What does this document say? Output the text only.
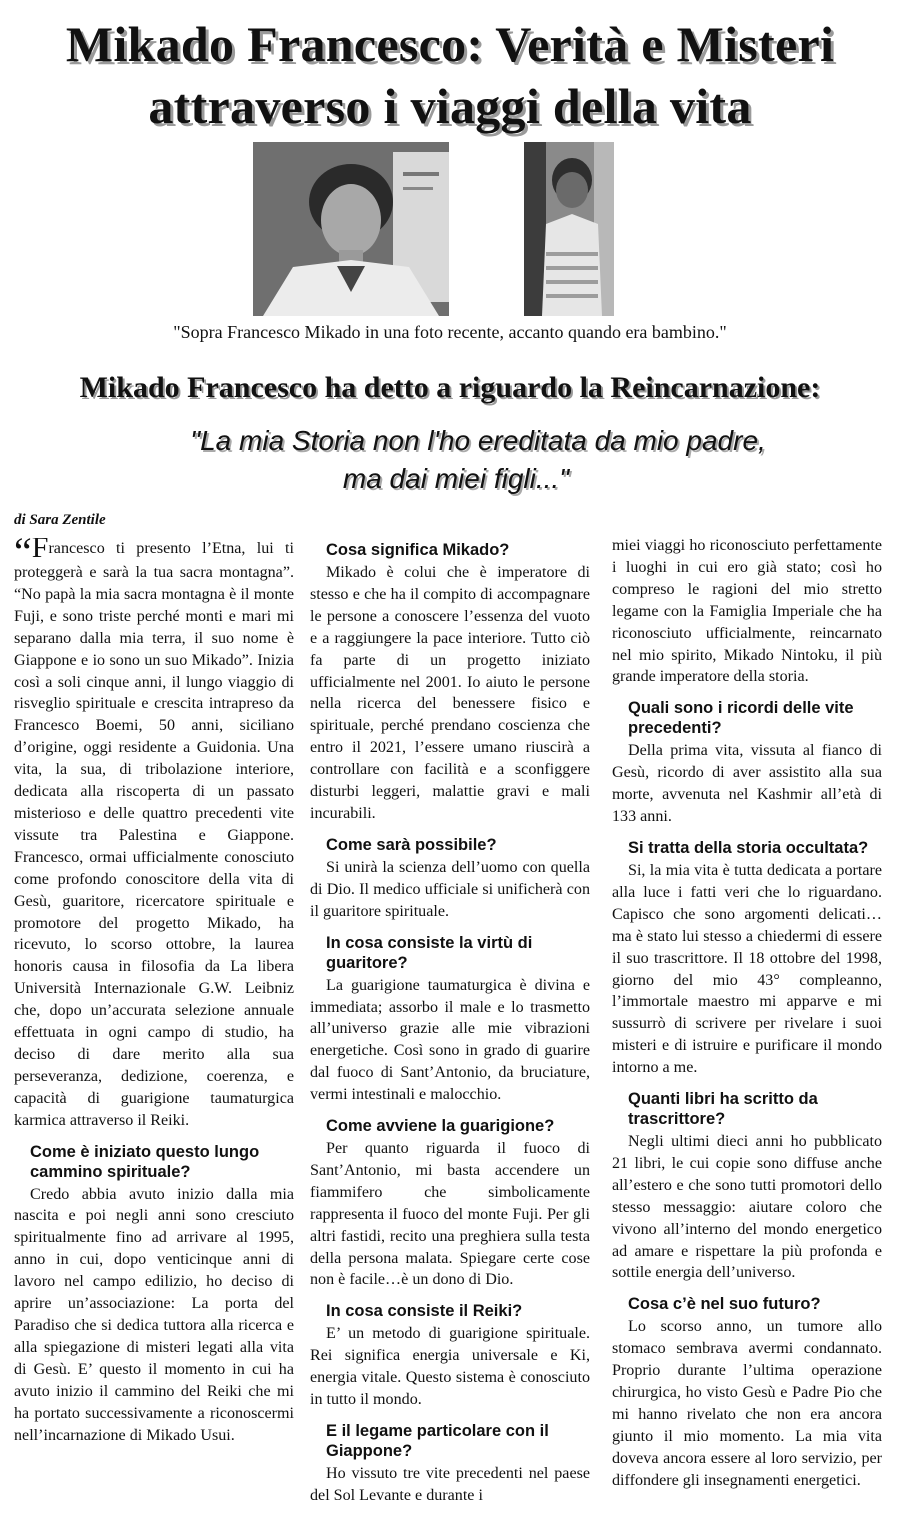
Mikado Francesco: Verità e Misteri
attraverso i viaggi della vita
"Sopra Francesco Mikado in una foto recente, accanto quando era bambino."
Mikado Francesco ha detto a riguardo la Reincarnazione:
"La mia Storia non l'ho ereditata da mio padre,
ma dai miei figli..."
di Sara Zentile

“Francesco ti presento l’Etna, lui ti proteggerà e sarà la tua sacra montagna”. “No papà la mia sacra montagna è il monte Fuji, e sono triste perché monti e mari mi separano dalla mia terra, il suo nome è Giappone e io sono un suo Mikado”. Inizia così a soli cinque anni, il lungo viaggio di risveglio spirituale e crescita intrapreso da Francesco Boemi, 50 anni, siciliano d’origine, oggi residente a Guidonia. Una vita, la sua, di tribolazione interiore, dedicata alla riscoperta di un passato misterioso e delle quattro precedenti vite vissute tra Palestina e Giappone. Francesco, ormai ufficialmente conosciuto come profondo conoscitore della vita di Gesù, guaritore, ricercatore spirituale e promotore del progetto Mikado, ha ricevuto, lo scorso ottobre, la laurea honoris causa in filosofia da La libera Università Internazionale G.W. Leibniz che, dopo un’accurata selezione annuale effettuata in ogni campo di studio, ha deciso di dare merito alla sua perseveranza, dedizione, coerenza, e capacità di guarigione taumaturgica karmica attraverso il Reiki.

Come è iniziato questo lungo cammino spirituale?

Credo abbia avuto inizio dalla mia nascita e poi negli anni sono cresciuto spiritualmente fino ad arrivare al 1995, anno in cui, dopo venticinque anni di lavoro nel campo edilizio, ho deciso di aprire un’associazione: La porta del Paradiso che si dedica tuttora alla ricerca e alla spiegazione di misteri legati alla vita di Gesù. E’ questo il momento in cui ha avuto inizio il cammino del Reiki che mi ha portato successivamente a riconoscermi nell’incarnazione di Mikado Usui.

Cosa significa Mikado?

Mikado è colui che è imperatore di stesso e che ha il compito di accompagnare le persone a conoscere l’essenza del vuoto e a raggiungere la pace interiore. Tutto ciò fa parte di un progetto iniziato ufficialmente nel 2001. Io aiuto le persone nella ricerca del benessere fisico e spirituale, perché prendano coscienza che entro il 2021, l’essere umano riuscirà a controllare con facilità e a sconfiggere disturbi leggeri, malattie gravi e mali incurabili.

Come sarà possibile?

Si unirà la scienza dell’uomo con quella di Dio. Il medico ufficiale si unificherà con il guaritore spirituale.

In cosa consiste la virtù di guaritore?

La guarigione taumaturgica è divina e immediata; assorbo il male e lo trasmetto all’universo grazie alle mie vibrazioni energetiche. Così sono in grado di guarire dal fuoco di Sant’Antonio, da bruciature, vermi intestinali e malocchio.

Come avviene la guarigione?

Per quanto riguarda il fuoco di Sant’Antonio, mi basta accendere un fiammifero che simbolicamente rappresenta il fuoco del monte Fuji. Per gli altri fastidi, recito una preghiera sulla testa della persona malata. Spiegare certe cose non è facile…è un dono di Dio.

In cosa consiste il Reiki?

E’ un metodo di guarigione spirituale. Rei significa energia universale e Ki, energia vitale. Questo sistema è conosciuto in tutto il mondo.

E il legame particolare con il Giappone?

Ho vissuto tre vite precedenti nel paese del Sol Levante e durante i

miei viaggi ho riconosciuto perfettamente i luoghi in cui ero già stato; così ho compreso le ragioni del mio stretto legame con la Famiglia Imperiale che ha riconosciuto ufficialmente, reincarnato nel mio spirito, Mikado Nintoku, il più grande imperatore della storia.

Quali sono i ricordi delle vite precedenti?

Della prima vita, vissuta al fianco di Gesù, ricordo di aver assistito alla sua morte, avvenuta nel Kashmir all’età di 133 anni.

Si tratta della storia occultata?

Si, la mia vita è tutta dedicata a portare alla luce i fatti veri che lo riguardano. Capisco che sono argomenti delicati… ma è stato lui stesso a chiedermi di essere il suo trascrittore. Il 18 ottobre del 1998, giorno del mio 43° compleanno, l’immortale maestro mi apparve e mi sussurrò di scrivere per rivelare i suoi misteri e di istruire e purificare il mondo intorno a me.

Quanti libri ha scritto da trascrittore?

Negli ultimi dieci anni ho pubblicato 21 libri, le cui copie sono diffuse anche all’estero e che sono tutti promotori dello stesso messaggio: aiutare coloro che vivono all’interno del mondo energetico ad amare e rispettare la più profonda e sottile energia dell’universo.

Cosa c’è nel suo futuro?

Lo scorso anno, un tumore allo stomaco sembrava avermi condannato. Proprio durante l’ultima operazione chirurgica, ho visto Gesù e Padre Pio che mi hanno rivelato che non era ancora giunto il mio momento. La mia vita doveva ancora essere al loro servizio, per diffondere gli insegnamenti energetici.
